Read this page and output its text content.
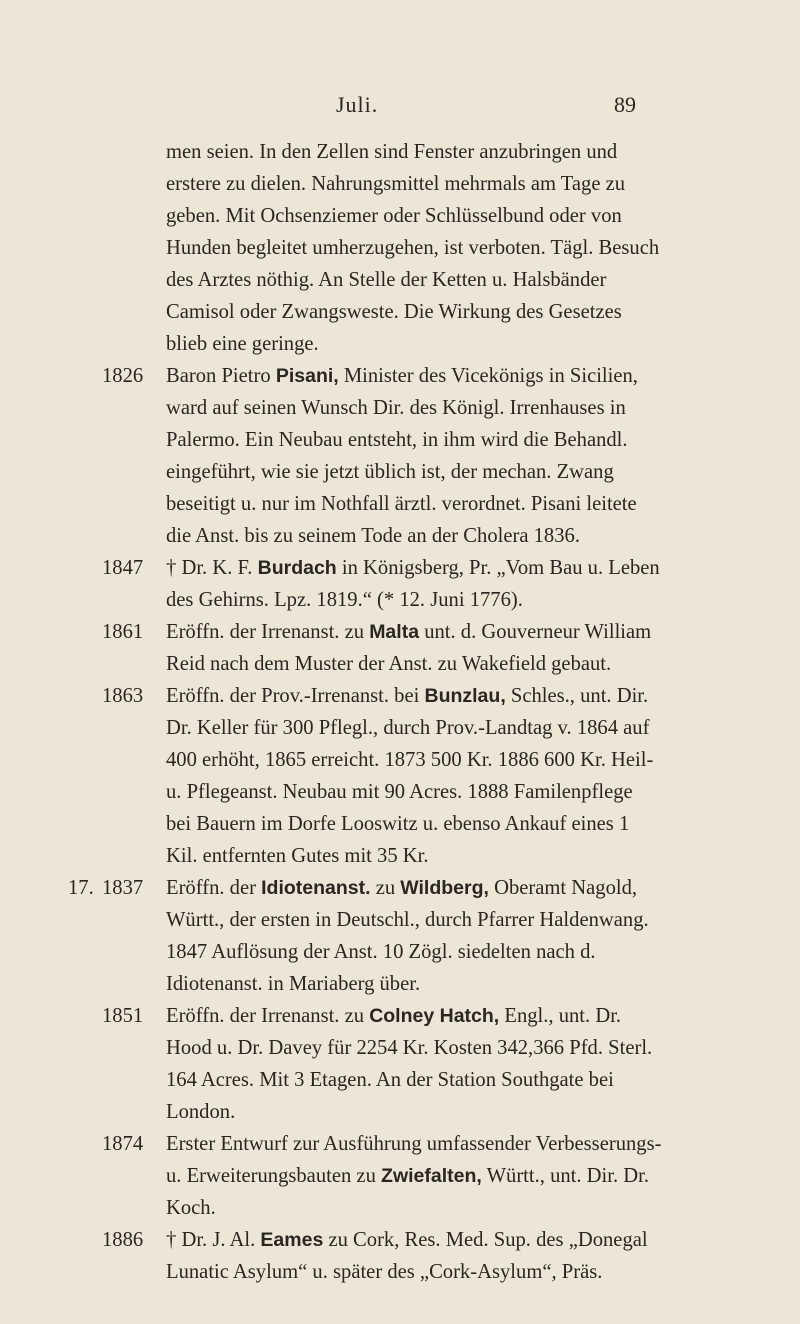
Juli.	89

men seien. In den Zellen sind Fenster anzubringen und erstere zu dielen. Nahrungsmittel mehrmals am Tage zu geben. Mit Ochsenziemer oder Schlüsselbund oder von Hunden begleitet umherzugehen, ist verboten. Tägl. Besuch des Arztes nöthig. An Stelle der Ketten u. Halsbänder Camisol oder Zwangsweste. Die Wirkung des Gesetzes blieb eine geringe.

1826 Baron Pietro Pisani, Minister des Vicekönigs in Sicilien, ward auf seinen Wunsch Dir. des Königl. Irrenhauses in Palermo. Ein Neubau entsteht, in ihm wird die Behandl. eingeführt, wie sie jetzt üblich ist, der mechan. Zwang beseitigt u. nur im Nothfall ärztl. verordnet. Pisani leitete die Anst. bis zu seinem Tode an der Cholera 1836.
1847 † Dr. K. F. Burdach in Königsberg, Pr. „Vom Bau u. Leben des Gehirns. Lpz. 1819.“ (* 12. Juni 1776).
1861 Eröffn. der Irrenanst. zu Malta unt. d. Gouverneur William Reid nach dem Muster der Anst. zu Wakefield gebaut.
1863 Eröffn. der Prov.-Irrenanst. bei Bunzlau, Schles., unt. Dir. Dr. Keller für 300 Pflegl., durch Prov.-Landtag v. 1864 auf 400 erhöht, 1865 erreicht. 1873 500 Kr. 1886 600 Kr. Heil- u. Pflegeanst. Neubau mit 90 Acres. 1888 Familenpflege bei Bauern im Dorfe Looswitz u. ebenso Ankauf eines 1 Kil. entfernten Gutes mit 35 Kr.
17. 1837 Eröffn. der Idiotenanst. zu Wildberg, Oberamt Nagold, Württ., der ersten in Deutschl., durch Pfarrer Haldenwang. 1847 Auflösung der Anst. 10 Zögl. siedelten nach d. Idiotenanst. in Mariaberg über.
1851 Eröffn. der Irrenanst. zu Colney Hatch, Engl., unt. Dr. Hood u. Dr. Davey für 2254 Kr. Kosten 342,366 Pfd. Sterl. 164 Acres. Mit 3 Etagen. An der Station Southgate bei London.
1874 Erster Entwurf zur Ausführung umfassender Verbesserungs- u. Erweiterungsbauten zu Zwiefalten, Württ., unt. Dir. Dr. Koch.
1886 † Dr. J. Al. Eames zu Cork, Res. Med. Sup. des „Donegal Lunatic Asylum“ u. später des „Cork-Asylum“, Präs.
